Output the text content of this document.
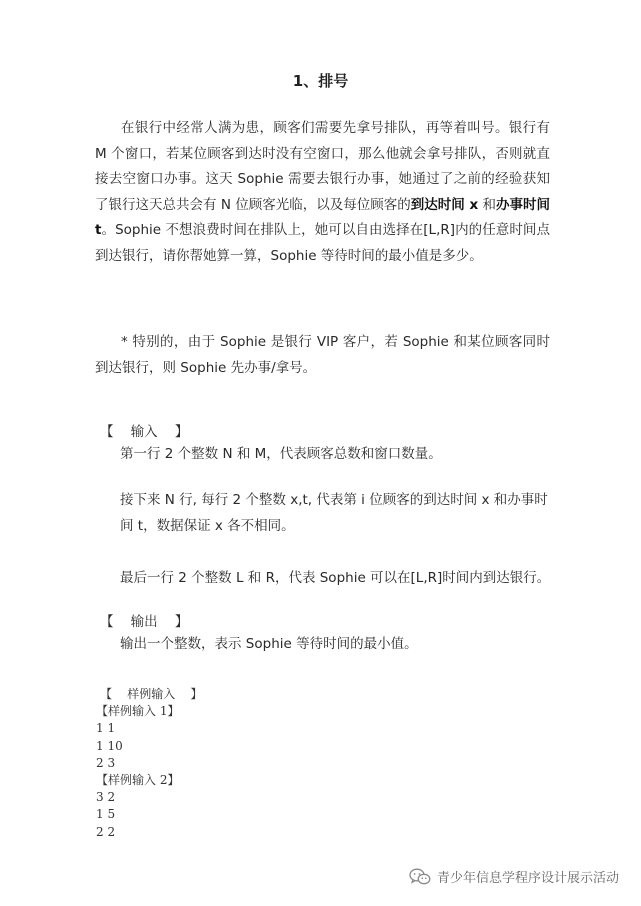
1、排号

在银行中经常人满为患，顾客们需要先拿号排队，再等着叫号。银行有 M 个窗口，若某位顾客到达时没有空窗口，那么他就会拿号排队，否则就直接去空窗口办事。这天 Sophie 需要去银行办事，她通过了之前的经验获知了银行这天总共会有 N 位顾客光临，以及每位顾客的到达时间 x 和办事时间 t。Sophie 不想浪费时间在排队上，她可以自由选择在[L,R]内的任意时间点到达银行，请你帮她算一算，Sophie 等待时间的最小值是多少。

* 特别的，由于 Sophie 是银行 VIP 客户，若 Sophie 和某位顾客同时到达银行，则 Sophie 先办事/拿号。

【    输入    】

第一行 2 个整数 N 和 M，代表顾客总数和窗口数量。

接下来 N 行, 每行 2 个整数 x,t, 代表第 i 位顾客的到达时间 x 和办事时间 t，数据保证 x 各不相同。

最后一行 2 个整数 L 和 R，代表 Sophie 可以在[L,R]时间内到达银行。

【    输出    】

输出一个整数，表示 Sophie 等待时间的最小值。

【    样例输入    】
【样例输入 1】
1 1
1 10
2 3
【样例输入 2】
3 2
1 5
2 2
青少年信息学程序设计展示活动
